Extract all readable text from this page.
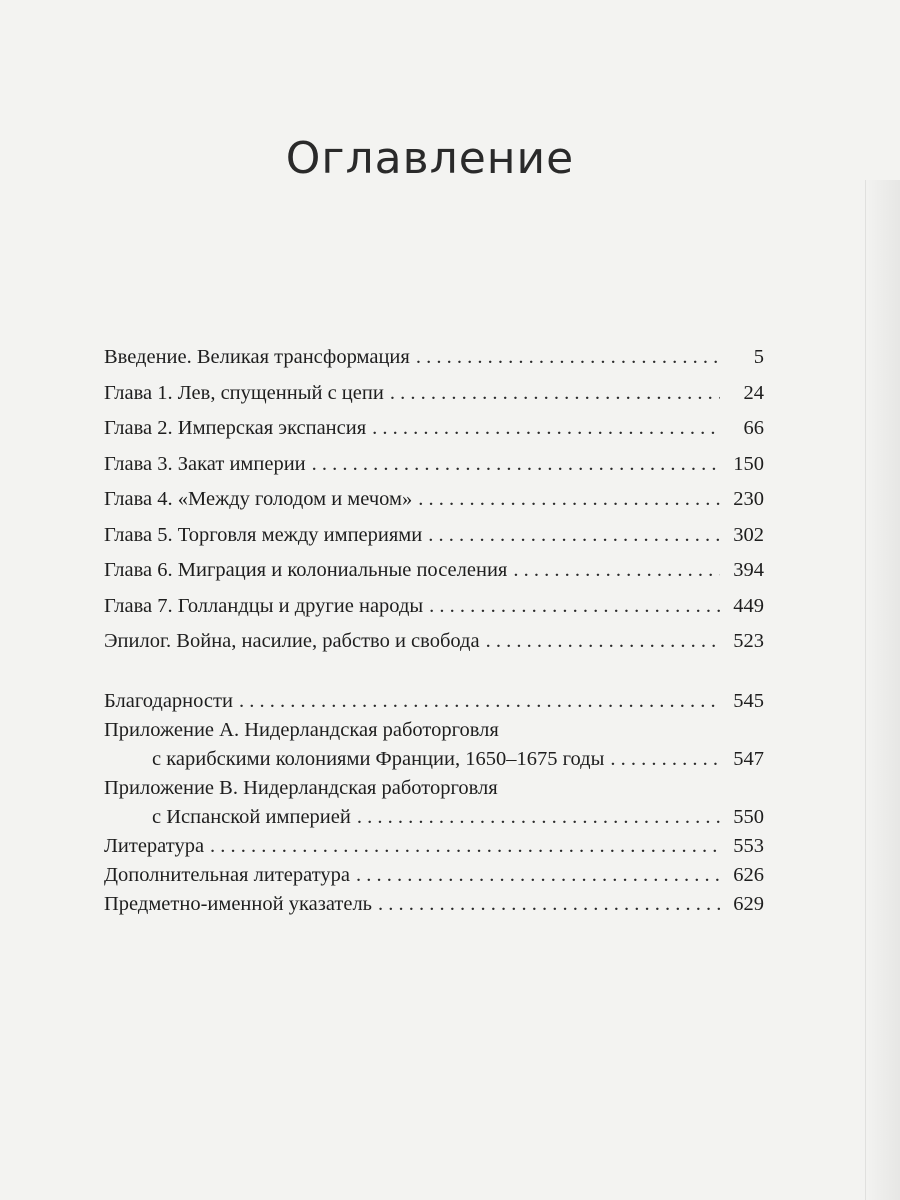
Оглавление
Введение. Великая трансформация . . .	5
Глава 1. Лев, спущенный с цепи . . .	24
Глава 2. Имперская экспансия . . .	66
Глава 3. Закат империи . . .	150
Глава 4. «Между голодом и мечом» . . .	230
Глава 5. Торговля между империями . . .	302
Глава 6. Миграция и колониальные поселения . . .	394
Глава 7. Голландцы и другие народы . . .	449
Эпилог. Война, насилие, рабство и свобода . . .	523
Благодарности . . .	545
Приложение А. Нидерландская работорговля
с карибскими колониями Франции, 1650–1675 годы . . .	547
Приложение В. Нидерландская работорговля
с Испанской империей . . .	550
Литература . . .	553
Дополнительная литература . . .	626
Предметно-именной указатель . . .	629
